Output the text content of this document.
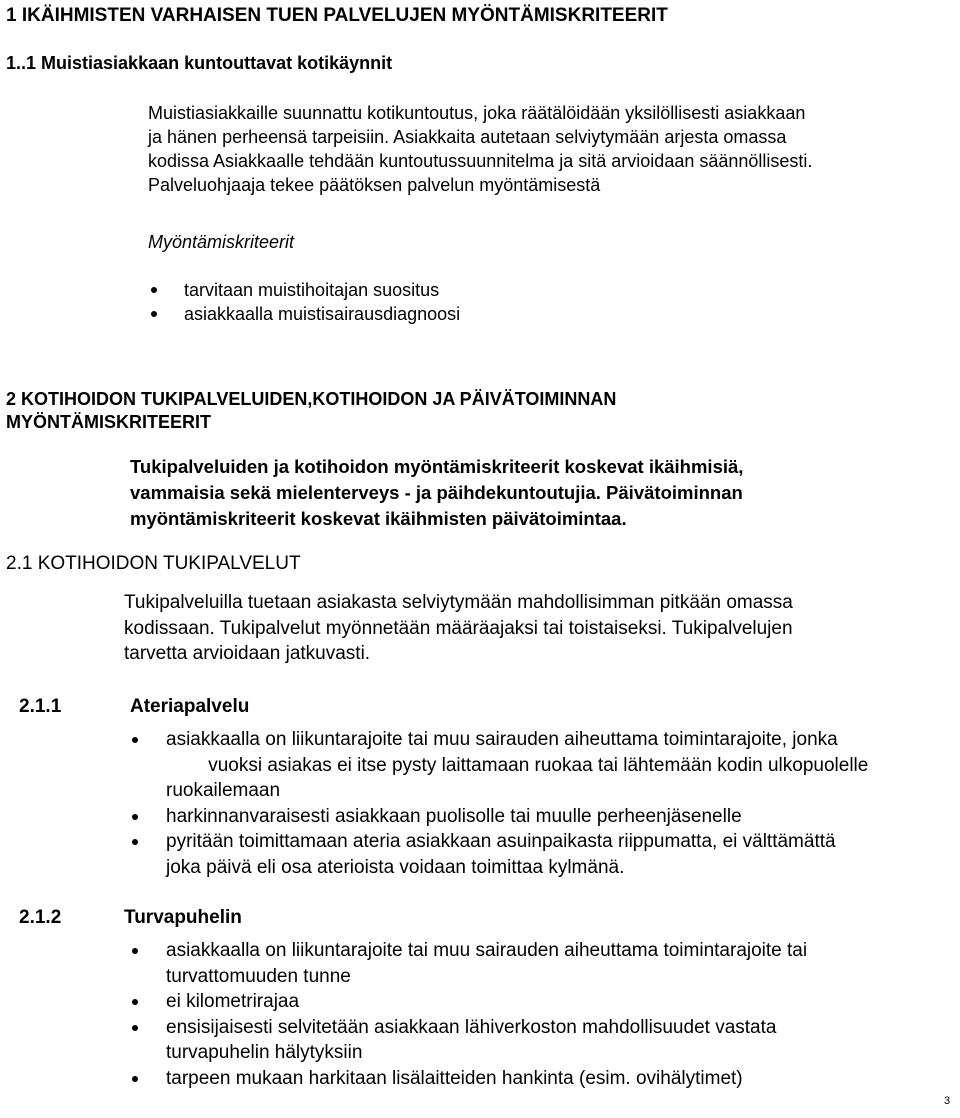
1 IKÄIHMISTEN VARHAISEN TUEN PALVELUJEN MYÖNTÄMISKRITEERIT
1..1 Muistiasiakkaan kuntouttavat kotikäynnit
Muistiasiakkaille suunnattu kotikuntoutus, joka räätälöidään yksilöllisesti asiakkaan
ja hänen perheensä tarpeisiin. Asiakkaita autetaan selviytymään arjesta omassa
kodissa Asiakkaalle tehdään kuntoutussuunnitelma ja sitä arvioidaan säännöllisesti.
Palveluohjaaja tekee päätöksen palvelun myöntämisestä
Myöntämiskriteerit
tarvitaan muistihoitajan suositus
asiakkaalla muistisairausdiagnoosi
2 KOTIHOIDON TUKIPALVELUIDEN,KOTIHOIDON JA PÄIVÄTOIMINNAN
MYÖNTÄMISKRITEERIT
Tukipalveluiden ja kotihoidon myöntämiskriteerit koskevat ikäihmisiä,
vammaisia sekä mielenterveys - ja päihdekuntoutujia. Päivätoiminnan
myöntämiskriteerit koskevat ikäihmisten päivätoimintaa.
2.1 KOTIHOIDON TUKIPALVELUT
Tukipalveluilla tuetaan asiakasta selviytymään mahdollisimman pitkään omassa
kodissaan. Tukipalvelut myönnetään määräajaksi tai toistaiseksi. Tukipalvelujen
tarvetta arvioidaan jatkuvasti.
2.1.1	Ateriapalvelu
asiakkaalla on liikuntarajoite tai muu sairauden aiheuttama toimintarajoite, jonka
vuoksi asiakas ei itse pysty laittamaan ruokaa tai lähtemään kodin ulkopuolelle
ruokailemaan
harkinnanvaraisesti asiakkaan puolisolle tai muulle perheenjäsenelle
pyritään toimittamaan ateria asiakkaan asuinpaikasta riippumatta, ei välttämättä
joka päivä eli osa aterioista voidaan toimittaa kylmänä.
2.1.2	Turvapuhelin
asiakkaalla on liikuntarajoite tai muu sairauden aiheuttama toimintarajoite tai
turvattomuuden tunne
ei kilometrirajaa
ensisijaisesti selvitetään asiakkaan lähiverkoston mahdollisuudet vastata
turvapuhelin hälytyksiin
tarpeen mukaan harkitaan lisälaitteiden hankinta (esim. ovihälytimet)
3
